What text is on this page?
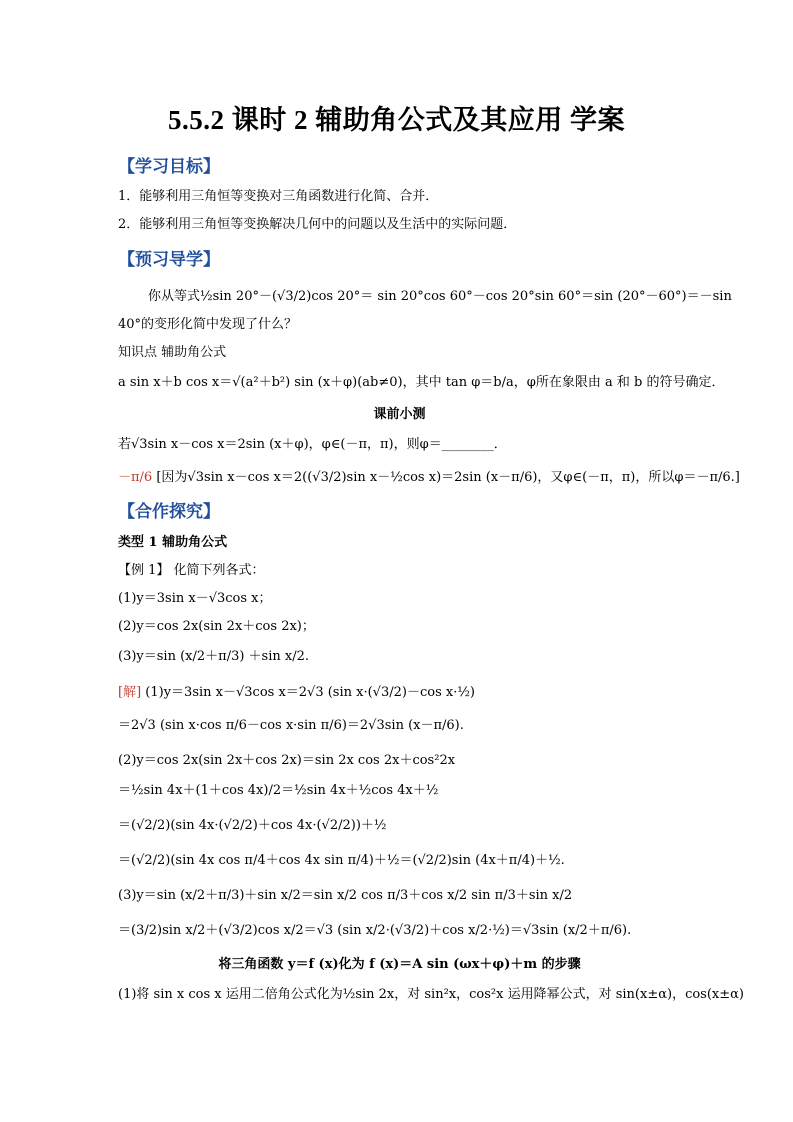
5.5.2 课时 2 辅助角公式及其应用 学案
【学习目标】
1．能够利用三角恒等变换对三角函数进行化简、合并．
2．能够利用三角恒等变换解决几何中的问题以及生活中的实际问题．
【预习导学】
你从等式½sin 20°－(√3/2)cos 20°＝ sin 20°cos 60°－cos 20°sin 60°＝sin (20°－60°)＝－sin
40°的变形化简中发现了什么？
知识点 辅助角公式
a sin x＋b cos x＝√(a²＋b²) sin (x＋φ)(ab≠0)，其中 tan φ＝b/a，φ所在象限由 a 和 b 的符号确定．
课前小测
若√3sin x－cos x＝2sin (x＋φ)，φ∈(－π，π)，则φ＝________．
－π/6 [因为√3sin x－cos x＝2((√3/2)sin x－½cos x)＝2sin (x－π/6)，又φ∈(－π，π)，所以φ＝－π/6.]
【合作探究】
类型 1 辅助角公式
【例 1】 化简下列各式：
(1)y＝3sin x－√3cos x；
(2)y＝cos 2x(sin 2x＋cos 2x)；
(3)y＝sin (x/2＋π/3) ＋sin x/2.
[解] (1)y＝3sin x－√3cos x＝2√3 (sin x·(√3/2)－cos x·½)
＝2√3 (sin x·cos π/6－cos x·sin π/6)＝2√3sin (x－π/6).
(2)y＝cos 2x(sin 2x＋cos 2x)＝sin 2x cos 2x＋cos²2x
＝½sin 4x＋(1＋cos 4x)/2＝½sin 4x＋½cos 4x＋½
＝(√2/2)(sin 4x·(√2/2)＋cos 4x·(√2/2))＋½
＝(√2/2)(sin 4x cos π/4＋cos 4x sin π/4)＋½＝(√2/2)sin (4x＋π/4)＋½.
(3)y＝sin (x/2＋π/3)＋sin x/2＝sin x/2 cos π/3＋cos x/2 sin π/3＋sin x/2
＝(3/2)sin x/2＋(√3/2)cos x/2＝√3 (sin x/2·(√3/2)＋cos x/2·½)＝√3sin (x/2＋π/6).
将三角函数 y＝f (x)化为 f (x)＝A sin (ωx＋φ)＋m 的步骤
(1)将 sin x cos x 运用二倍角公式化为½sin 2x，对 sin²x，cos²x 运用降幂公式，对 sin(x±α)，cos(x±α)
